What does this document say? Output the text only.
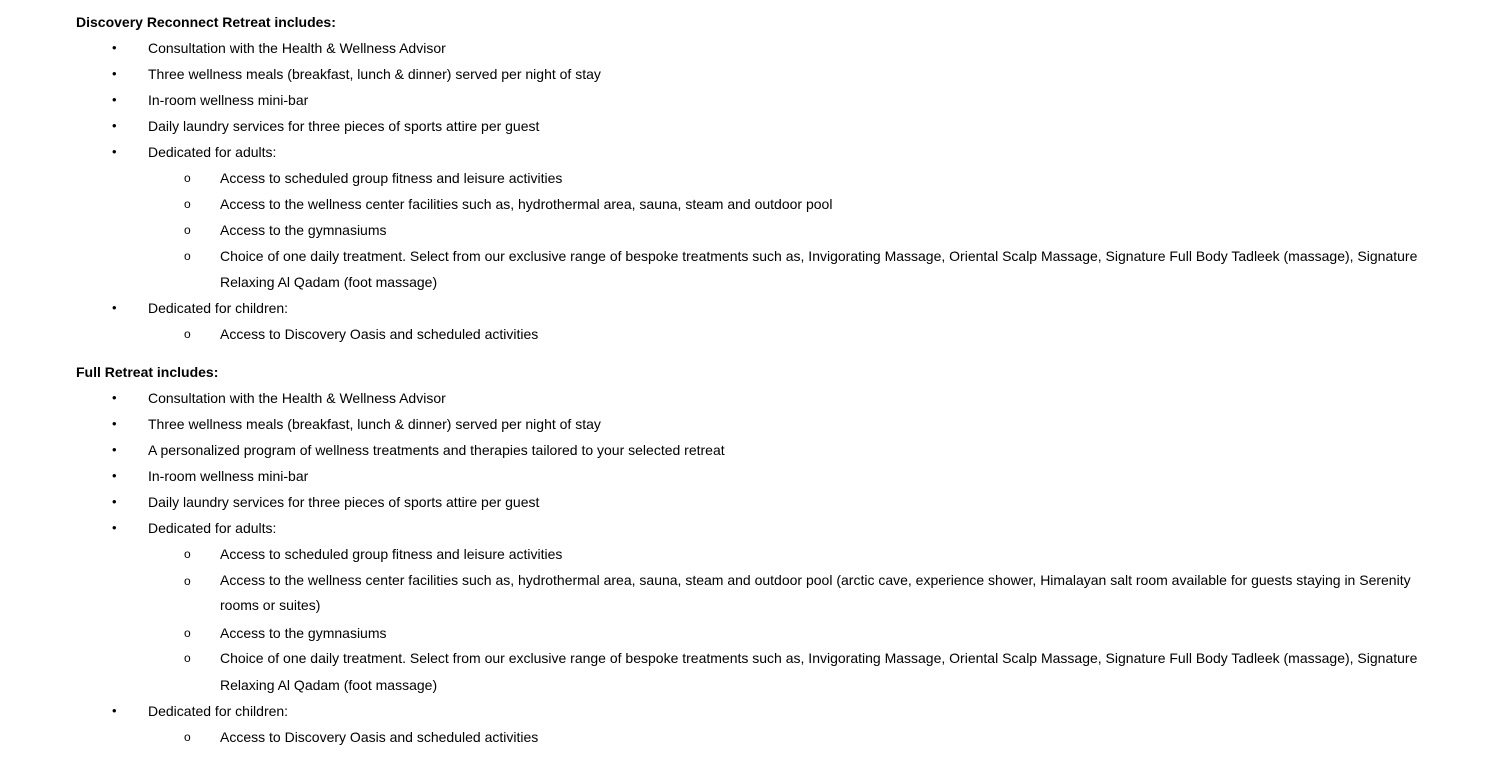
Discovery Reconnect Retreat includes:
• Consultation with the Health & Wellness Advisor
• Three wellness meals (breakfast, lunch & dinner) served per night of stay
• In-room wellness mini-bar
• Daily laundry services for three pieces of sports attire per guest
• Dedicated for adults:
o Access to scheduled group fitness and leisure activities
o Access to the wellness center facilities such as, hydrothermal area, sauna, steam and outdoor pool
o Access to the gymnasiums
o Choice of one daily treatment. Select from our exclusive range of bespoke treatments such as, Invigorating Massage, Oriental Scalp Massage, Signature Full Body Tadleek (massage), Signature Relaxing Al Qadam (foot massage)
• Dedicated for children:
o Access to Discovery Oasis and scheduled activities
Full Retreat includes:
• Consultation with the Health & Wellness Advisor
• Three wellness meals (breakfast, lunch & dinner) served per night of stay
• A personalized program of wellness treatments and therapies tailored to your selected retreat
• In-room wellness mini-bar
• Daily laundry services for three pieces of sports attire per guest
• Dedicated for adults:
o Access to scheduled group fitness and leisure activities
o Access to the wellness center facilities such as, hydrothermal area, sauna, steam and outdoor pool (arctic cave, experience shower, Himalayan salt room available for guests staying in Serenity rooms or suites)
o Access to the gymnasiums
o Choice of one daily treatment. Select from our exclusive range of bespoke treatments such as, Invigorating Massage, Oriental Scalp Massage, Signature Full Body Tadleek (massage), Signature Relaxing Al Qadam (foot massage)
• Dedicated for children:
o Access to Discovery Oasis and scheduled activities
